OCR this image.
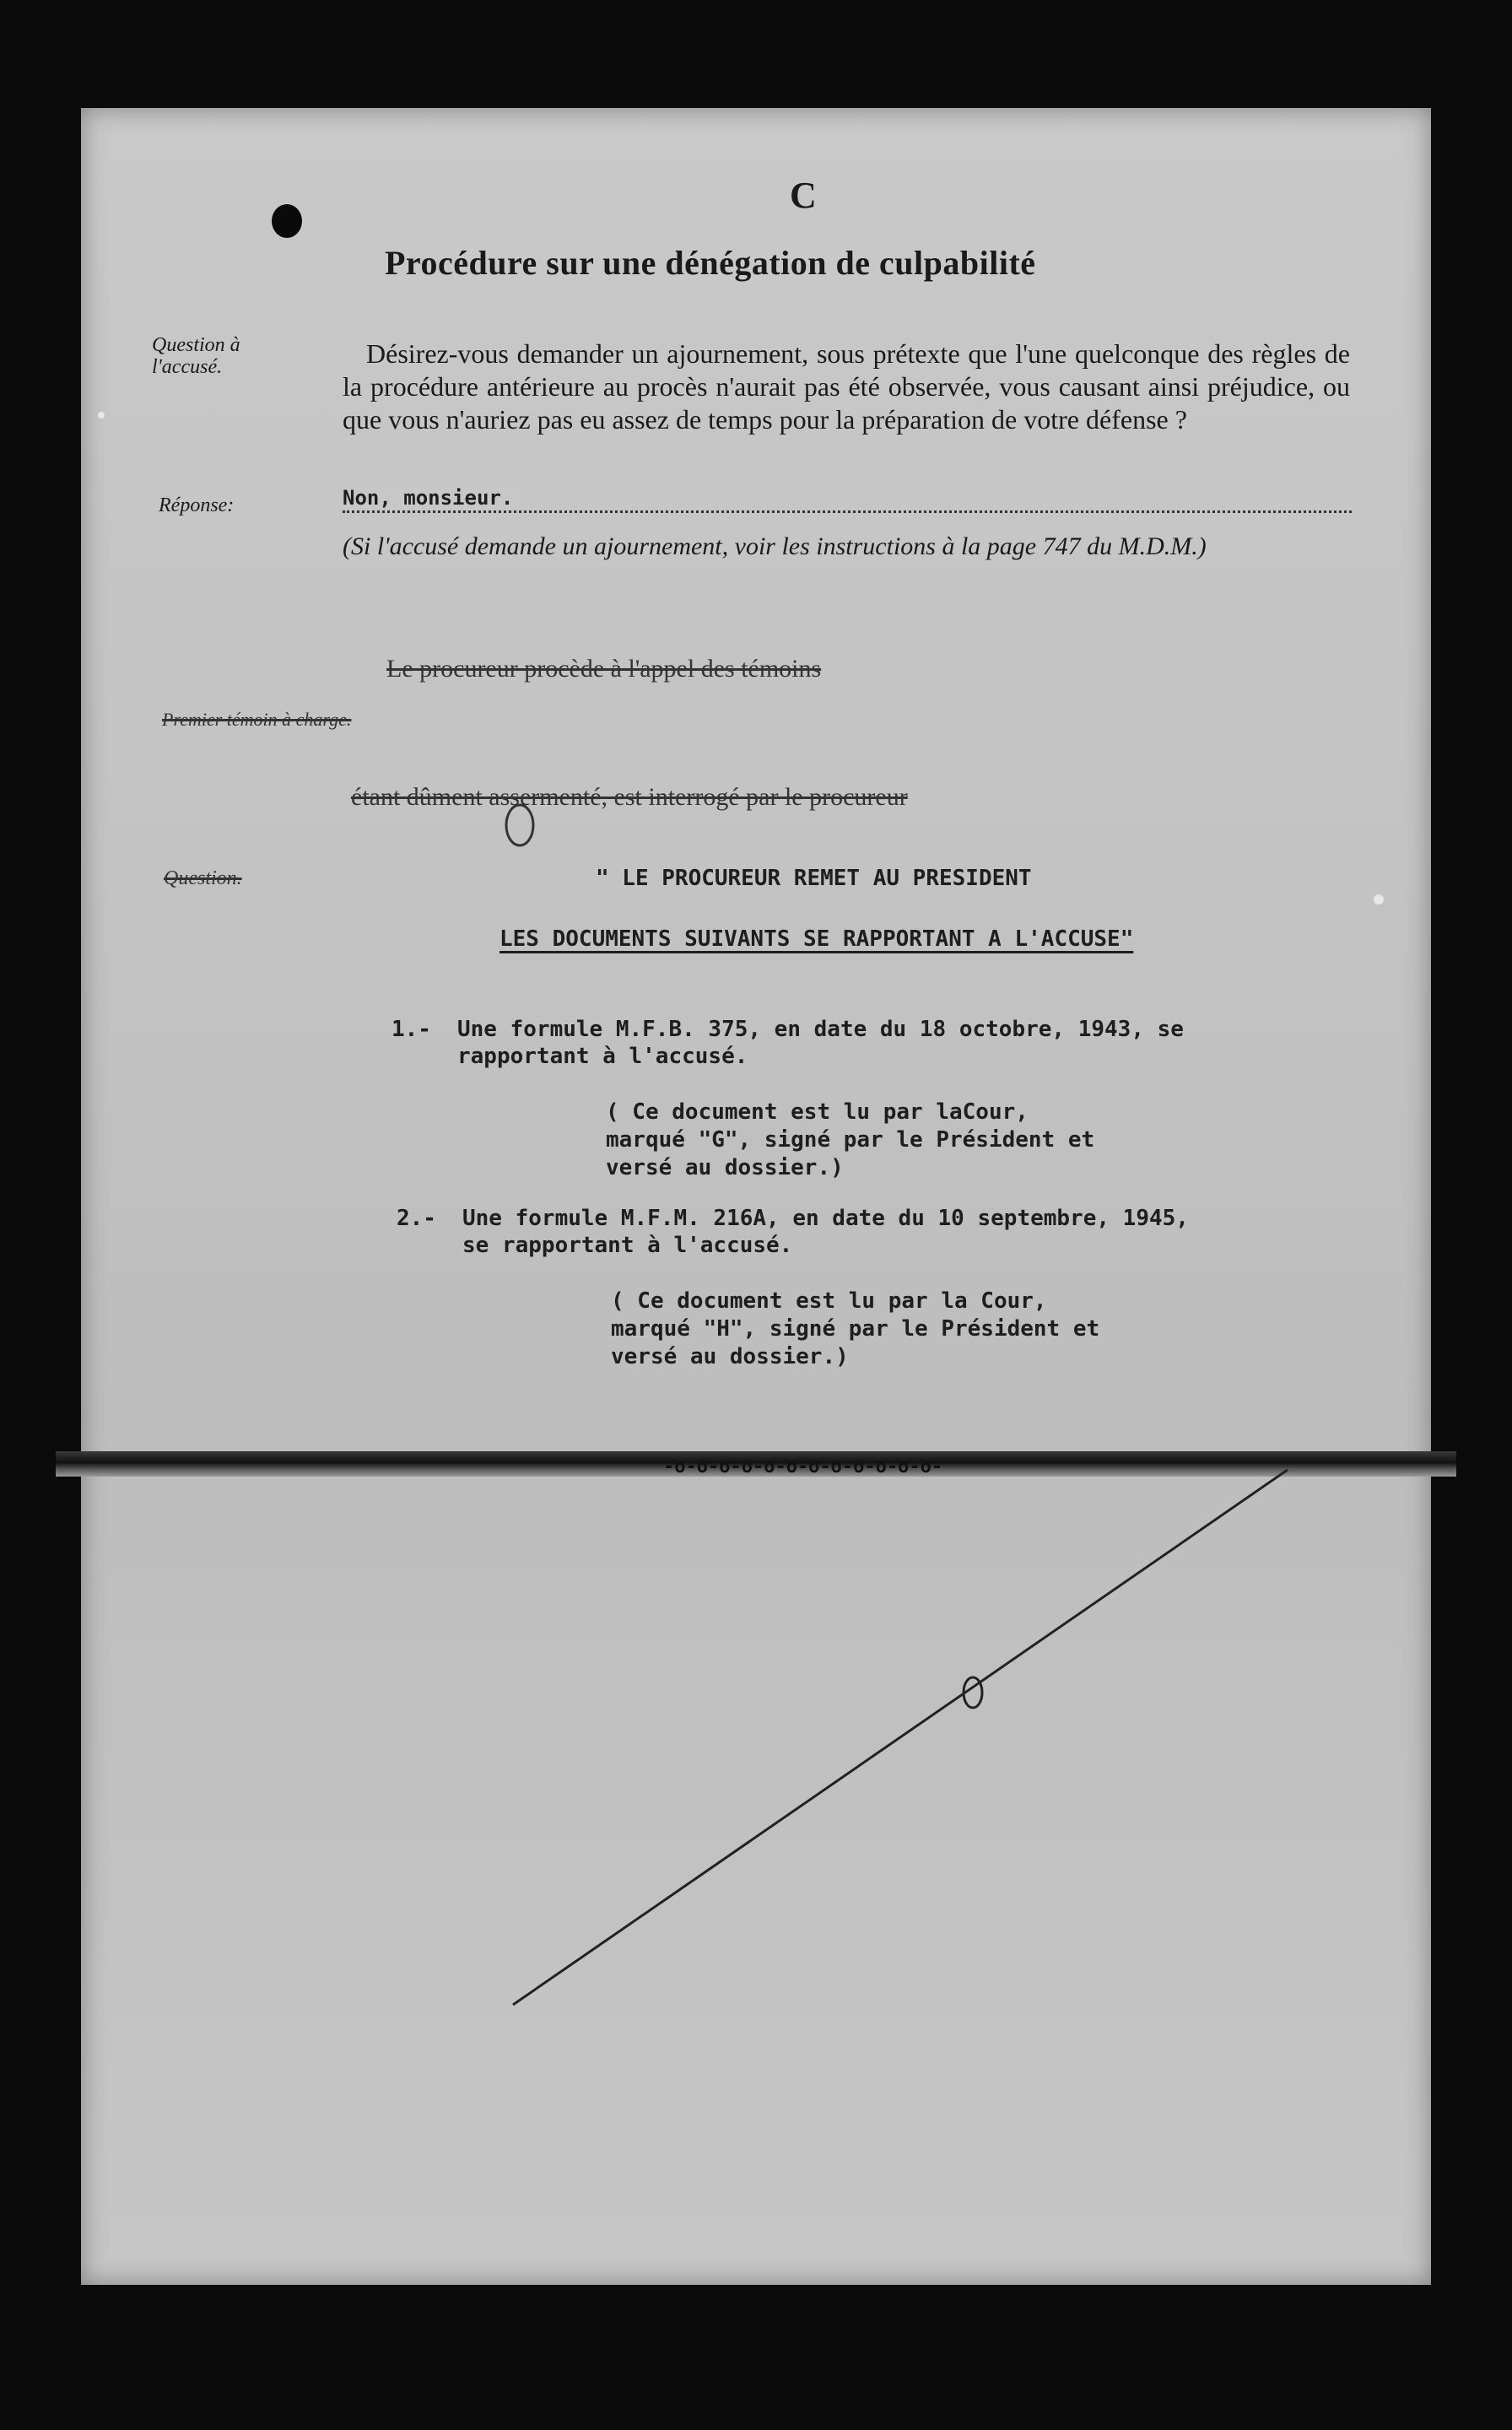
C
Procédure sur une dénégation de culpabilité
Question à l'accusé.	Désirez-vous demander un ajournement, sous prétexte que l'une quelconque des règles de la procédure antérieure au procès n'aurait pas été observée, vous causant ainsi préjudice, ou que vous n'auriez pas eu assez de temps pour la préparation de votre défense ?
Réponse:	Non, monsieur.
(Si l'accusé demande un ajournement, voir les instructions à la page 747 du M.D.M.)
Le procureur procède à l'appel des témoins
Premier témoin à charge.
étant dûment assermenté, est interrogé par le procureur
Question.	" LE PROCUREUR REMET AU PRESIDENT
LES DOCUMENTS SUIVANTS SE RAPPORTANT A L'ACCUSE"
1.- Une formule M.F.B. 375, en date du 18 octobre, 1943, se rapportant à l'accusé.
( Ce document est lu par laCour, marqué "G", signé par le Président et versé au dossier.)
2.- Une formule M.F.M. 216A, en date du 10 septembre, 1945, se rapportant à l'accusé.
( Ce document est lu par la Cour, marqué "H", signé par le Président et versé au dossier.)
-o-o-o-o-o-o-o-o-o-o-o-o-
